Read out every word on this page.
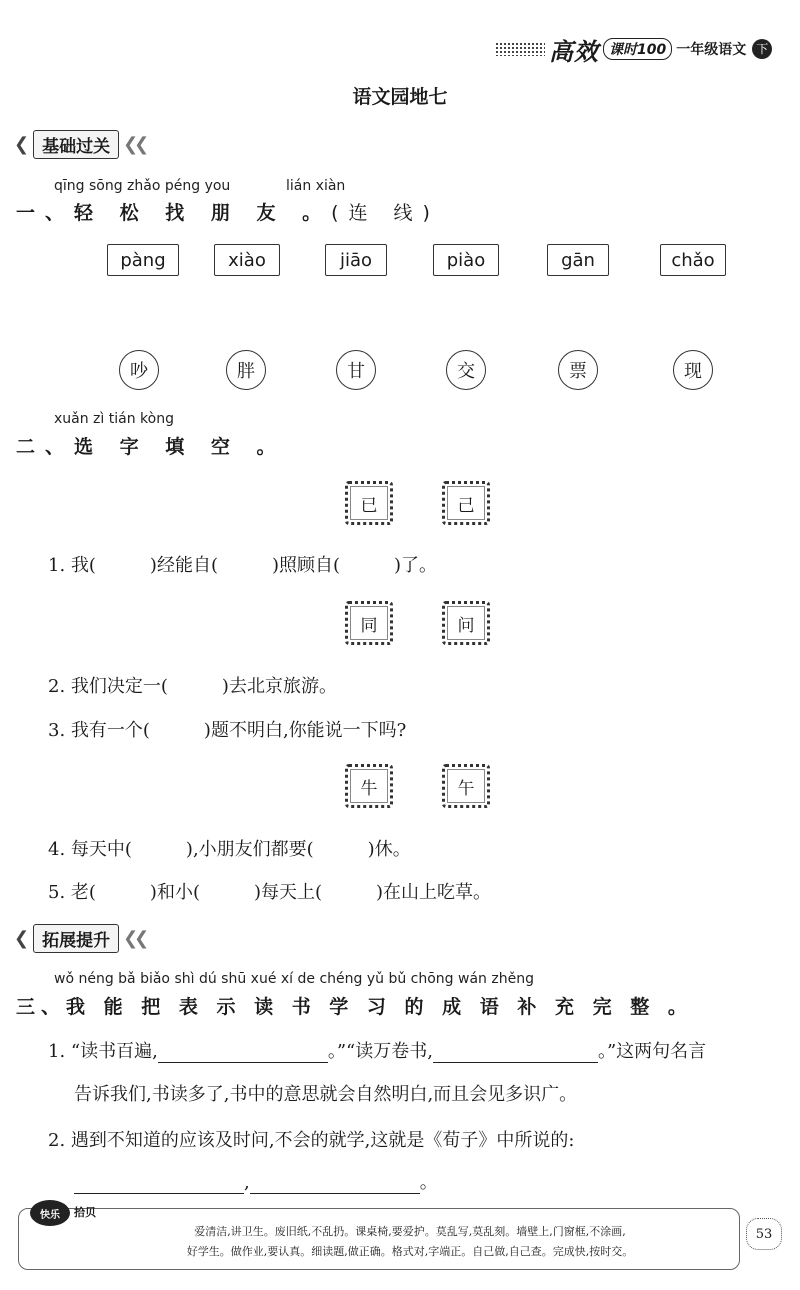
高效 课时100 一年级语文 下
语文园地七
❮ 基础过关 ❮❮
qīng sōng zhǎo péng you	lián xiàn
一、轻 松 找 朋 友 。 (连 线)
pàng	xiào	jiāo	piào	gān	chǎo
吵	胖	甘	交	票	现
xuǎn zì tián kòng
二、选 字 填 空 。
已	己
1. 我(　　　)经能自(　　　)照顾自(　　　)了。
同	问
2. 我们决定一(　　　)去北京旅游。
3. 我有一个(　　　)题不明白,你能说一下吗?
牛	午
4. 每天中(　　　),小朋友们都要(　　　)休。
5. 老(　　　)和小(　　　)每天上(　　　)在山上吃草。
❮ 拓展提升 ❮❮
wǒ néng bǎ biǎo shì dú shū xué xí de chéng yǔ bǔ chōng wán zhěng
三、我 能 把 表 示 读 书 学 习 的 成 语 补 充 完 整 。
1. “读书百遍,	。”“读万卷书,	。”这两句名言
告诉我们,书读多了,书中的意思就会自然明白,而且会见多识广。
2. 遇到不知道的应该及时问,不会的就学,这就是《荀子》中所说的:
,	。
快乐	拾贝
爱清洁,讲卫生。废旧纸,不乱扔。课桌椅,要爱护。莫乱写,莫乱刻。墙壁上,门窗框,不涂画,
好学生。做作业,要认真。细读题,做正确。格式对,字端正。自己做,自己查。完成快,按时交。
53
